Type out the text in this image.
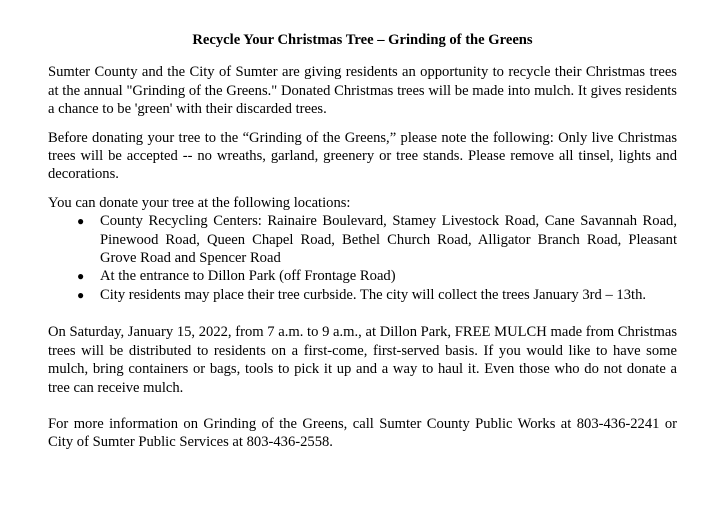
Recycle Your Christmas Tree – Grinding of the Greens

Sumter County and the City of Sumter are giving residents an opportunity to recycle their Christmas trees at the annual "Grinding of the Greens." Donated Christmas trees will be made into mulch. It gives residents a chance to be 'green' with their discarded trees.

Before donating your tree to the “Grinding of the Greens,” please note the following: Only live Christmas trees will be accepted -- no wreaths, garland, greenery or tree stands. Please remove all tinsel, lights and decorations.

You can donate your tree at the following locations:

● County Recycling Centers: Rainaire Boulevard, Stamey Livestock Road, Cane Savannah Road, Pinewood Road, Queen Chapel Road, Bethel Church Road, Alligator Branch Road, Pleasant Grove Road and Spencer Road
● At the entrance to Dillon Park (off Frontage Road)
● City residents may place their tree curbside. The city will collect the trees January 3rd – 13th.

On Saturday, January 15, 2022, from 7 a.m. to 9 a.m., at Dillon Park, FREE MULCH made from Christmas trees will be distributed to residents on a first-come, first-served basis. If you would like to have some mulch, bring containers or bags, tools to pick it up and a way to haul it. Even those who do not donate a tree can receive mulch.

For more information on Grinding of the Greens, call Sumter County Public Works at 803-436-2241 or City of Sumter Public Services at 803-436-2558.
